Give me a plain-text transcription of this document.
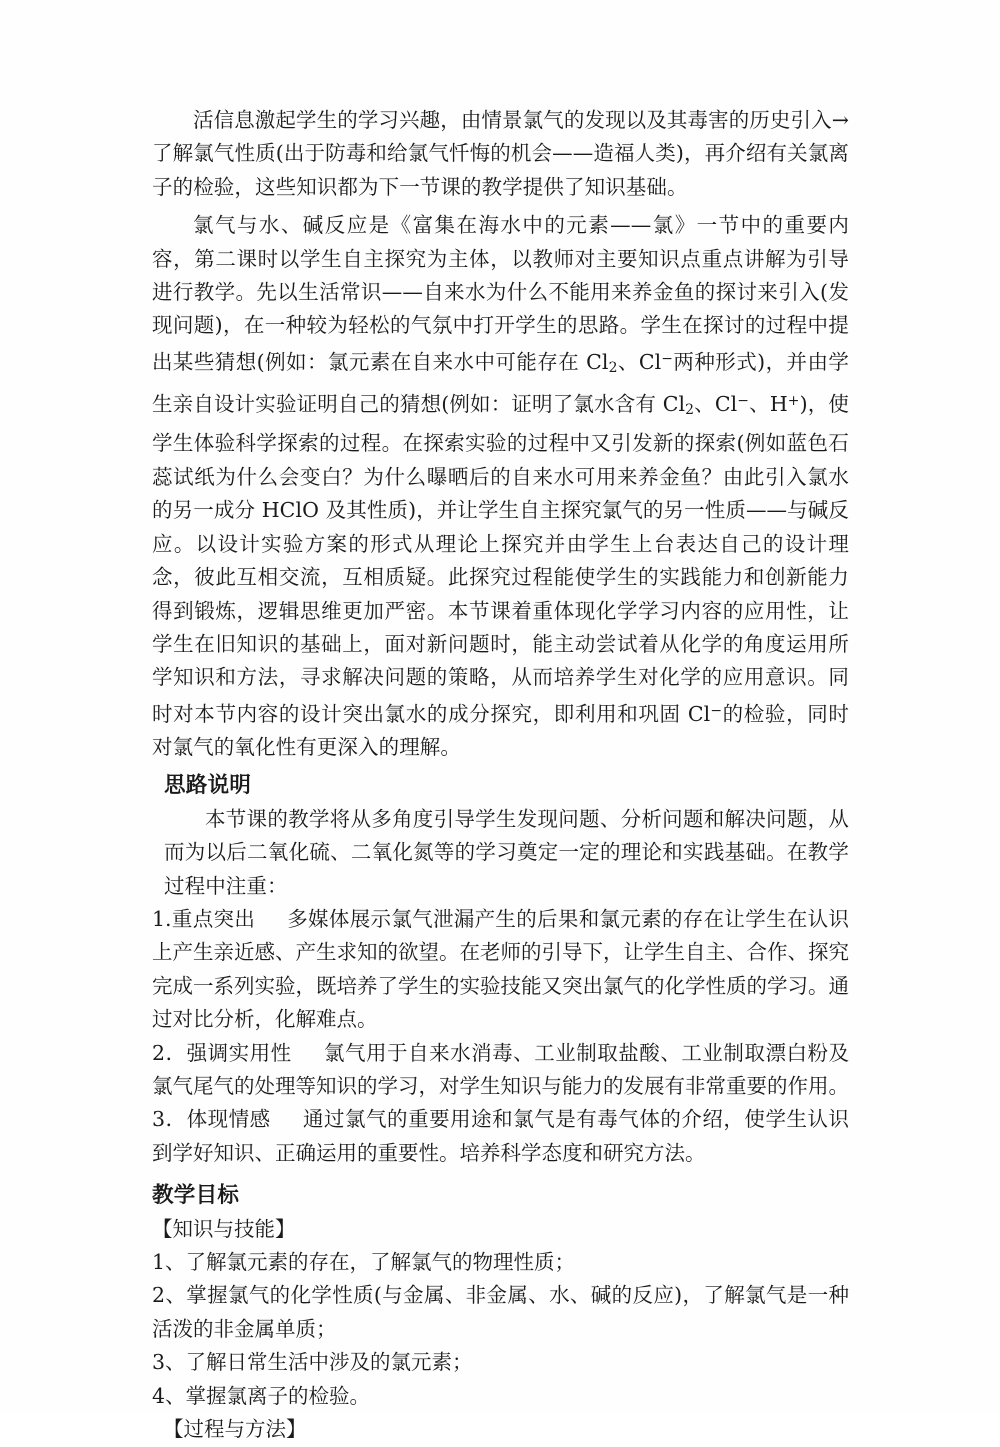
活信息激起学生的学习兴趣，由情景氯气的发现以及其毒害的历史引入→了解氯气性质(出于防毒和给氯气忏悔的机会——造福人类)，再介绍有关氯离子的检验，这些知识都为下一节课的教学提供了知识基础。

氯气与水、碱反应是《富集在海水中的元素——氯》一节中的重要内容，第二课时以学生自主探究为主体，以教师对主要知识点重点讲解为引导进行教学。先以生活常识——自来水为什么不能用来养金鱼的探讨来引入(发现问题)，在一种较为轻松的气氛中打开学生的思路。学生在探讨的过程中提出某些猜想(例如：氯元素在自来水中可能存在 $Cl_2$、Cl−两种形式)，并由学生亲自设计实验证明自己的猜想(例如：证明了氯水含有 $Cl_2$、Cl−、H+)，使学生体验科学探索的过程。在探索实验的过程中又引发新的探索(例如蓝色石蕊试纸为什么会变白？为什么曝晒后的自来水可用来养金鱼？由此引入氯水的另一成分 HClO 及其性质)，并让学生自主探究氯气的另一性质——与碱反应。以设计实验方案的形式从理论上探究并由学生上台表达自己的设计理念，彼此互相交流，互相质疑。此探究过程能使学生的实践能力和创新能力得到锻炼，逻辑思维更加严密。本节课着重体现化学学习内容的应用性，让学生在旧知识的基础上，面对新问题时，能主动尝试着从化学的角度运用所学知识和方法，寻求解决问题的策略，从而培养学生对化学的应用意识。同时对本节内容的设计突出氯水的成分探究，即利用和巩固 Cl−的检验，同时对氯气的氧化性有更深入的理解。

思路说明

本节课的教学将从多角度引导学生发现问题、分析问题和解决问题，从而为以后二氧化硫、二氧化氮等的学习奠定一定的理论和实践基础。在教学过程中注重：

1.重点突出 多媒体展示氯气泄漏产生的后果和氯元素的存在让学生在认识上产生亲近感、产生求知的欲望。在老师的引导下，让学生自主、合作、探究完成一系列实验，既培养了学生的实验技能又突出氯气的化学性质的学习。通过对比分析，化解难点。

2．强调实用性 氯气用于自来水消毒、工业制取盐酸、工业制取漂白粉及氯气尾气的处理等知识的学习，对学生知识与能力的发展有非常重要的作用。

3．体现情感 通过氯气的重要用途和氯气是有毒气体的介绍，使学生认识到学好知识、正确运用的重要性。培养科学态度和研究方法。

教学目标

【知识与技能】

1、了解氯元素的存在，了解氯气的物理性质；

2、掌握氯气的化学性质(与金属、非金属、水、碱的反应)，了解氯气是一种活泼的非金属单质；

3、了解日常生活中涉及的氯元素；

4、掌握氯离子的检验。

【过程与方法】
